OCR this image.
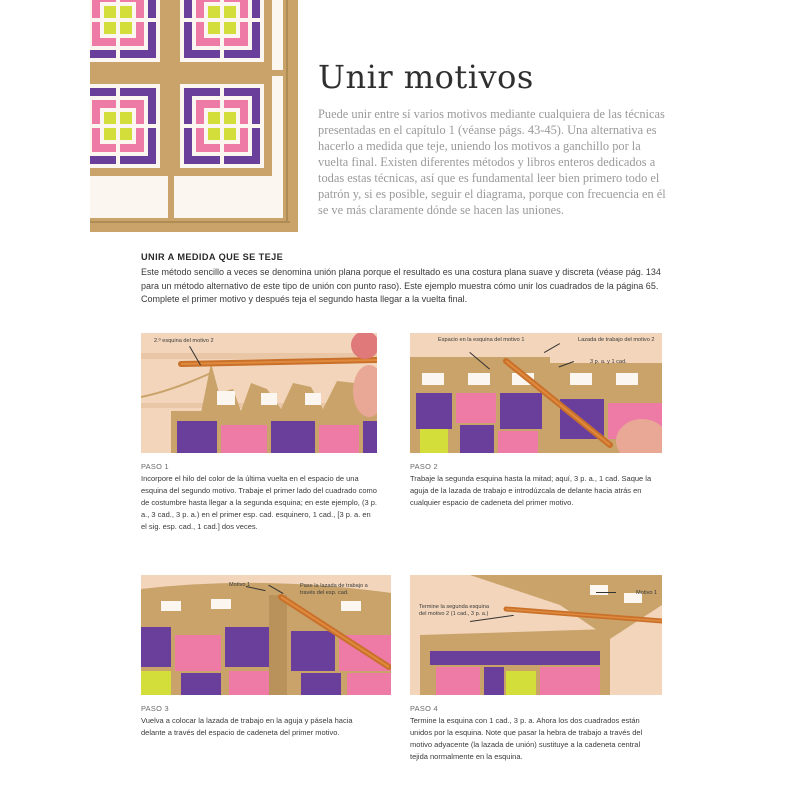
Unir motivos

Puede unir entre sí varios motivos mediante cualquiera de las técnicas presentadas en el capítulo 1 (véanse págs. 43-45). Una alternativa es hacerlo a medida que teje, uniendo los motivos a ganchillo por la vuelta final. Existen diferentes métodos y libros enteros dedicados a todas estas técnicas, así que es fundamental leer bien primero todo el patrón y, si es posible, seguir el diagrama, porque con frecuencia en él se ve más claramente dónde se hacen las uniones.

UNIR A MEDIDA QUE SE TEJE

Este método sencillo a veces se denomina unión plana porque el resultado es una costura plana suave y discreta (véase pág. 134 para un método alternativo de este tipo de unión con punto raso). Este ejemplo muestra cómo unir los cuadrados de la página 65. Complete el primer motivo y después teja el segundo hasta llegar a la vuelta final.

2.º esquina del motivo 2	Espacio en la esquina del motivo 1	Lazada de trabajo del motivo 2
3 p. a. y 1 cad.
PASO 1

Incorpore el hilo del color de la última vuelta en el espacio de una esquina del segundo motivo. Trabaje el primer lado del cuadrado como de costumbre hasta llegar a la segunda esquina; en este ejemplo, (3 p. a., 3 cad., 3 p. a.) en el primer esp. cad. esquinero, 1 cad., [3 p. a. en el sig. esp. cad., 1 cad.] dos veces.

PASO 2

Trabaje la segunda esquina hasta la mitad; aquí, 3 p. a., 1 cad. Saque la aguja de la lazada de trabajo e introdúzcala de delante hacia atrás en cualquier espacio de cadeneta del primer motivo.

Motivo 1	Pase la lazada de trabajo a través del esp. cad.	Motivo 1
Termine la segunda esquina del motivo 2 (1 cad., 3 p. a.)
PASO 3

Vuelva a colocar la lazada de trabajo en la aguja y pásela hacia delante a través del espacio de cadeneta del primer motivo.

PASO 4

Termine la esquina con 1 cad., 3 p. a. Ahora los dos cuadrados están unidos por la esquina. Note que pasar la hebra de trabajo a través del motivo adyacente (la lazada de unión) sustituye a la cadeneta central tejida normalmente en la esquina.
